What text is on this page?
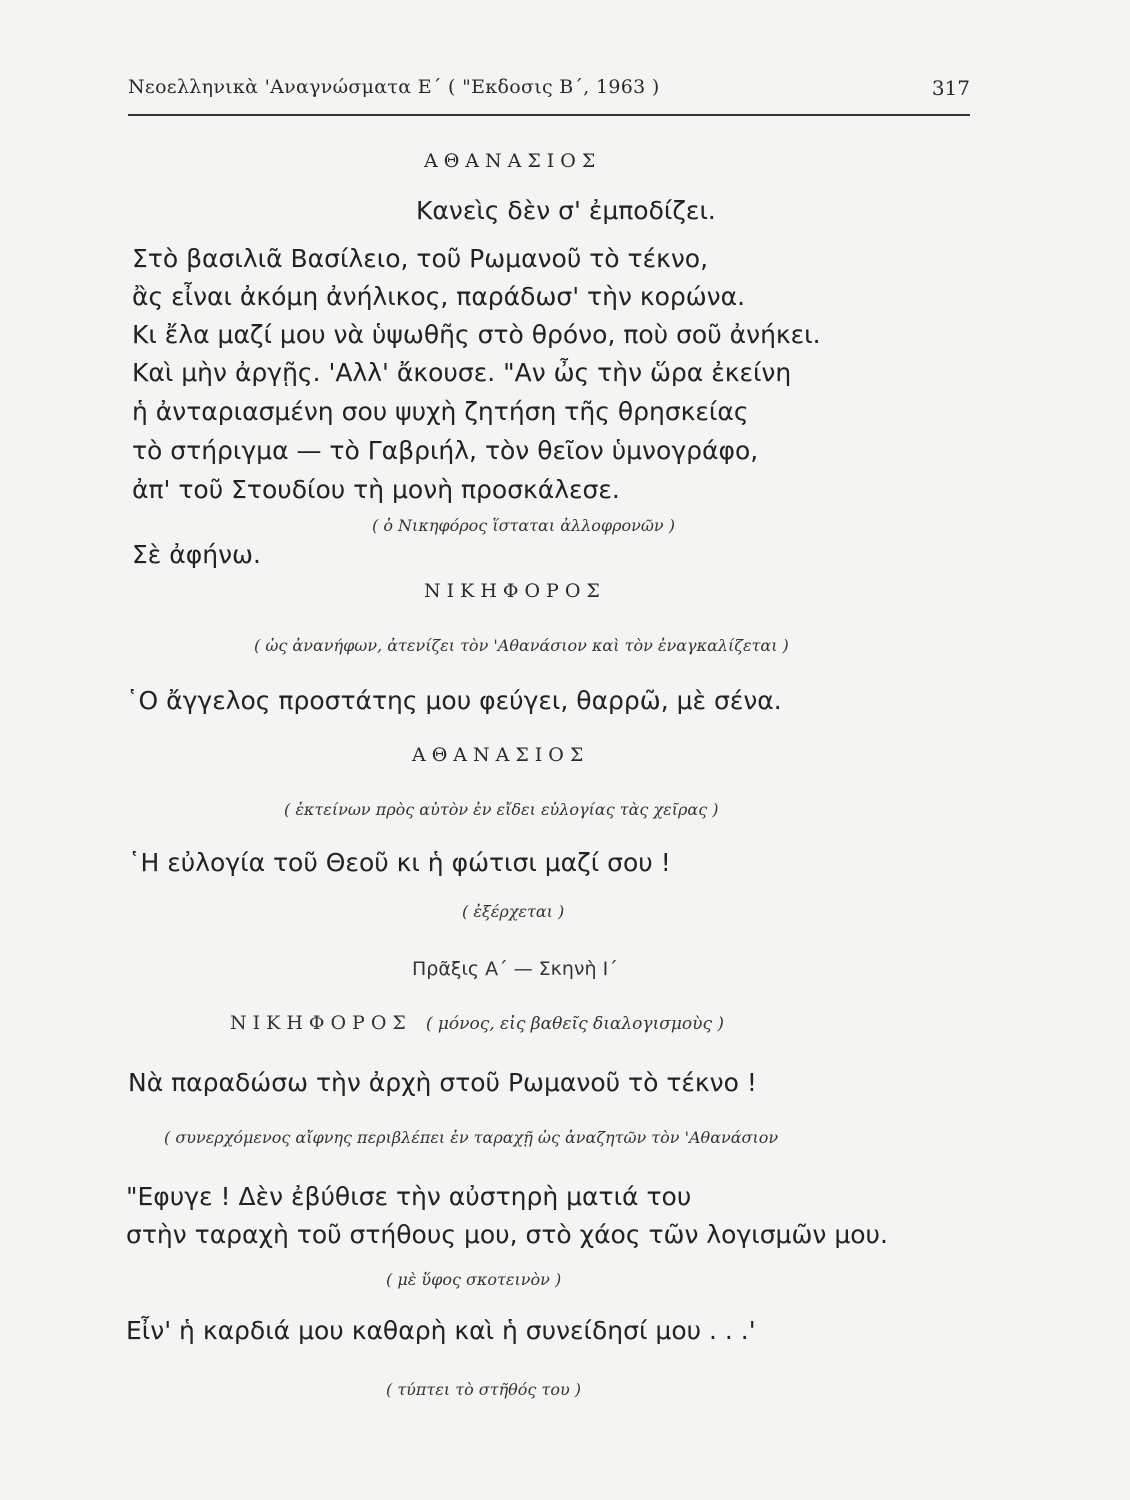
Νεοελληνικὰ 'Αναγνώσματα Ε΄ ( "Εκδοσις Β΄, 1963 )	317
ΑΘΑΝΑΣΙΟΣ
Κανεὶς δὲν σ' ἐμποδίζει.
Στὸ βασιλιᾶ Βασίλειο, τοῦ Ρωμανοῦ τὸ τέκνο,
ἂς εἶναι ἀκόμη ἀνήλικος, παράδωσ' τὴν κορώνα.
Κι ἔλα μαζί μου νὰ ὑψωθῆς στὸ θρόνο, ποὺ σοῦ ἀνήκει.
Καὶ μὴν ἀργῇς. 'Αλλ' ἄκουσε. "Αν ὦς τὴν ὥρα ἐκείνη
ἡ ἀνταριασμένη σου ψυχὴ ζητήση τῆς θρησκείας
τὸ στήριγμα — τὸ Γαβριήλ, τὸν θεῖον ὑμνογράφο,
ἀπ' τοῦ Στουδίου τὴ μονὴ προσκάλεσε.
( ὁ Νικηφόρος ἵσταται ἀλλοφρονῶν )
Σὲ ἀφήνω.
ΝΙΚΗΦΟΡΟΣ
( ὡς ἀνανήφων, ἀτενίζει τὸν 'Αθανάσιον καὶ τὸν ἐναγκαλίζεται )
῾Ο ἄγγελος προστάτης μου φεύγει, θαρρῶ, μὲ σένα.
ΑΘΑΝΑΣΙΟΣ
( ἐκτείνων πρὸς αὐτὸν ἐν εἴδει εὐλογίας τὰς χεῖρας )
῾Η εὐλογία τοῦ Θεοῦ κι ἡ φώτισι μαζί σου !
( ἐξέρχεται )
Πρᾶξις Α΄ — Σκηνὴ Ι΄
ΝΙΚΗΦΟΡΟΣ ( μόνος, εἰς βαθεῖς διαλογισμοὺς )
Νὰ παραδώσω τὴν ἀρχὴ στοῦ Ρωμανοῦ τὸ τέκνο !
( συνερχόμενος αἴφνης περιβλέπει ἐν ταραχῇ ὡς ἀναζητῶν τὸν 'Αθανάσιον
"Εφυγε ! Δὲν ἐβύθισε τὴν αὐστηρὴ ματιά του
στὴν ταραχὴ τοῦ στήθους μου, στὸ χάος τῶν λογισμῶν μου.
( μὲ ὕφος σκοτεινὸν )
Εἶν' ἡ καρδιά μου καθαρὴ καὶ ἡ συνείδησί μου . . .'
( τύπτει τὸ στῆθός του )
